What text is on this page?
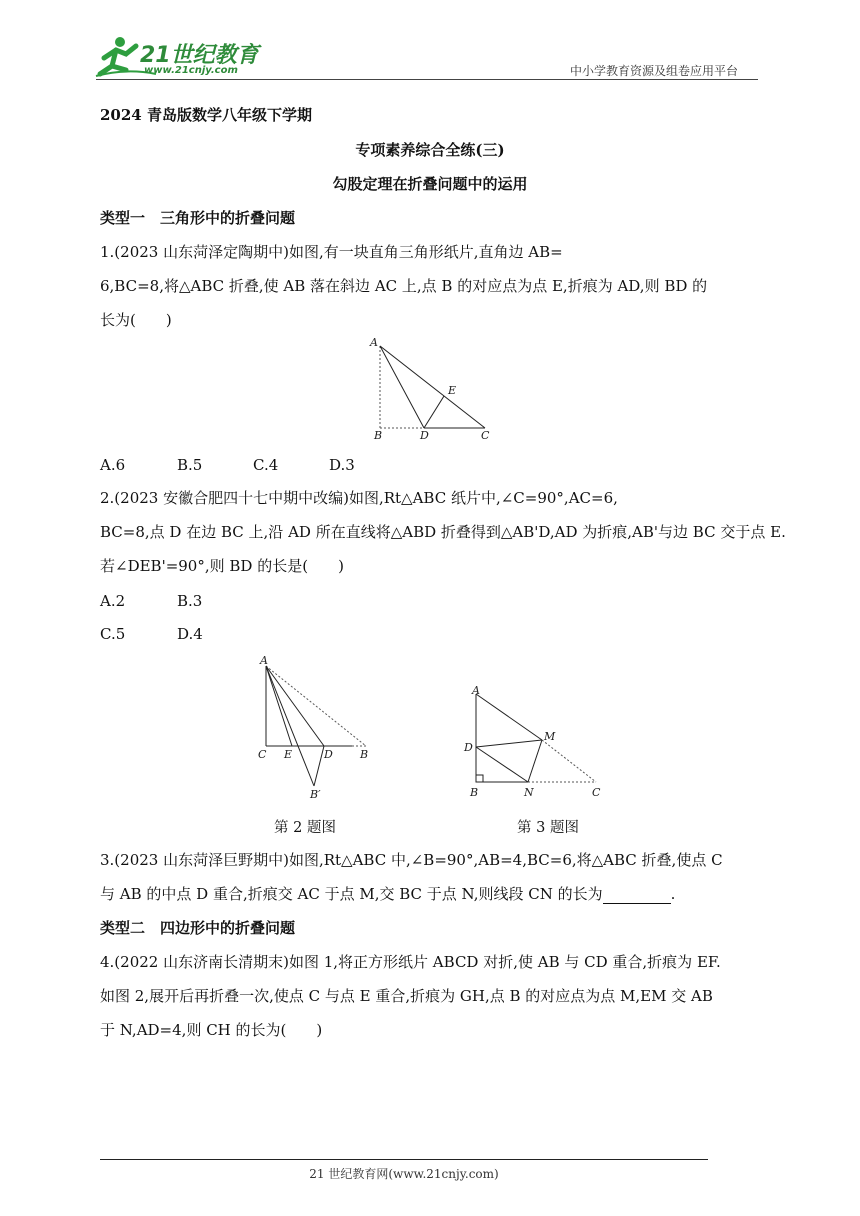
21世纪教育
www.21cnjy.com	中小学教育资源及组卷应用平台
2024 青岛版数学八年级下学期
专项素养综合全练(三)
勾股定理在折叠问题中的运用
类型一　三角形中的折叠问题
1.(2023 山东菏泽定陶期中)如图,有一块直角三角形纸片,直角边 AB=
6,BC=8,将△ABC 折叠,使 AB 落在斜边 AC 上,点 B 的对应点为点 E,折痕为 AD,则 BD 的
长为( )
A
B	D	C
E
A.6	B.5	C.4	D.3
2.(2023 安徽合肥四十七中期中改编)如图,Rt△ABC 纸片中,∠C=90°,AC=6,
BC=8,点 D 在边 BC 上,沿 AD 所在直线将△ABD 折叠得到△AB'D,AD 为折痕,AB'与边 BC 交于点 E.
若∠DEB'=90°,则 BD 的长是( )
A.2	B.3
C.5	D.4
A
C E	D B
B′
A
D
M
B	N	C
第 2 题图	第 3 题图
3.(2023 山东菏泽巨野期中)如图,Rt△ABC 中,∠B=90°,AB=4,BC=6,将△ABC 折叠,使点 C
与 AB 的中点 D 重合,折痕交 AC 于点 M,交 BC 于点 N,则线段 CN 的长为	.
类型二　四边形中的折叠问题
4.(2022 山东济南长清期末)如图 1,将正方形纸片 ABCD 对折,使 AB 与 CD 重合,折痕为 EF.
如图 2,展开后再折叠一次,使点 C 与点 E 重合,折痕为 GH,点 B 的对应点为点 M,EM 交 AB
于 N,AD=4,则 CH 的长为( )
21 世纪教育网(www.21cnjy.com)
